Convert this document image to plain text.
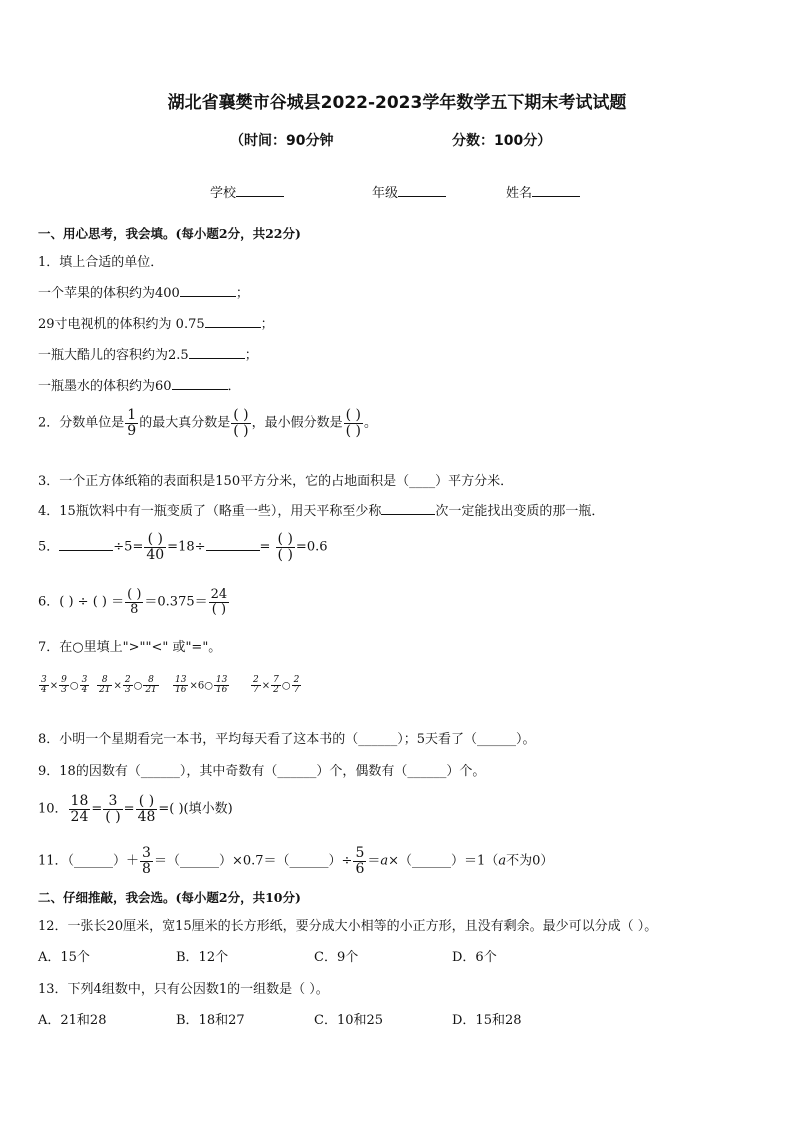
湖北省襄樊市谷城县2022-2023学年数学五下期末考试试题
（时间：90分钟	分数：100分）
学校	年级	姓名
一、用心思考，我会填。(每小题2分，共22分)
1．填上合适的单位．
一个苹果的体积约为400	；
29寸电视机的体积约为 0.75	；
一瓶大酷儿的容积约为2.5	；
一瓶墨水的体积约为60	．
2．分数单位是 $\frac{1}{9}$ 的最大真分数是 $\frac{( )}{( )}$ ，最小假分数是 $\frac{( )}{( )}$ 。
3．一个正方体纸箱的表面积是150平方分米，它的占地面积是（____）平方分米．
4．15瓶饮料中有一瓶变质了（略重一些），用天平称至少称	次一定能找出变质的那一瓶．
5．	$\div 5= \frac{( )}{40} =18\div$	= $\frac{( )}{( )} =0.6$
6．( ) ÷ ( ) ＝ $\frac{( )}{8} =0.375= \frac{24}{( )}$
7．在○里填上">""<" 或"="。
$\frac{3}{4} \times \frac{9}{3}$ ○ $\frac{3}{4} \frac{8}{21} \times \frac{2}{3}$ ○ $\frac{8}{21} \frac{13}{16}$ ×6○ $\frac{13}{16} \frac{2}{7} \times \frac{7}{2}$ ○ $\frac{2}{7}$
8．小明一个星期看完一本书，平均每天看了这本书的（______）；5天看了（______）。
9．18的因数有（______），其中奇数有（______）个，偶数有（______）个。
10． $\frac{18}{24} = \frac{3}{( )} = \frac{( )}{48}$ =( )(填小数)
11．（______）＋ $\frac{3}{8}$ ＝（______）×0.7＝（______）÷ $\frac{5}{6}$ ＝a×（______）＝1（a不为0）
二、仔细推敲，我会选。(每小题2分，共10分)
12．一张长20厘米，宽15厘米的长方形纸，要分成大小相等的小正方形，且没有剩余。最少可以分成（ ）。
A．15个	B．12个	C．9个	D．6个
13．下列4组数中，只有公因数1的一组数是（ ）。
A．21和28	B．18和27	C．10和25	D．15和28
